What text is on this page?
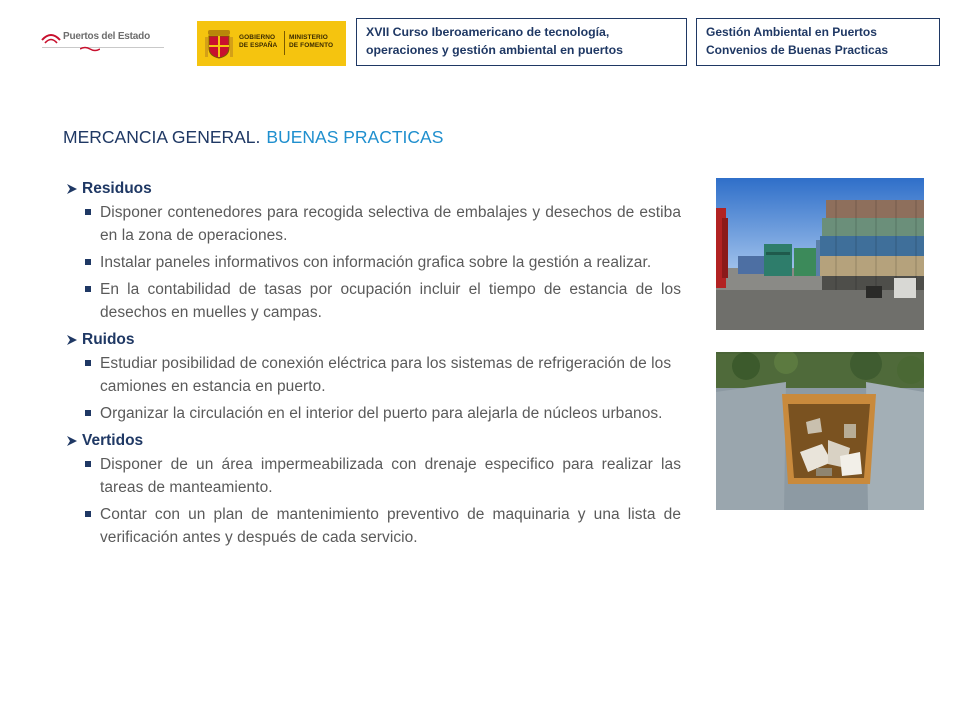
Puertos del Estado	GOBIERNO
DE ESPAÑA
MINISTERIO
DE FOMENTO
XVII Curso Iberoamericano de tecnología,
operaciones y gestión ambiental en puertos
Gestión Ambiental en Puertos
Convenios de Buenas Practicas
MERCANCIA GENERAL. BUENAS PRACTICAS
Residuos
Disponer contenedores para recogida selectiva de embalajes y desechos de estiba en la zona de operaciones.
Instalar paneles informativos con información grafica sobre la gestión a realizar.
En la contabilidad de tasas por ocupación incluir el tiempo de estancia de los desechos en muelles y campas.
Ruidos
Estudiar posibilidad de conexión eléctrica para los sistemas de refrigeración de los camiones en estancia en puerto.
Organizar la circulación en el interior del puerto para alejarla de núcleos urbanos.
Vertidos
Disponer de un área impermeabilizada con drenaje especifico para realizar las tareas de manteamiento.
Contar con un plan de mantenimiento preventivo de maquinaria y una lista de verificación antes y después de cada servicio.
